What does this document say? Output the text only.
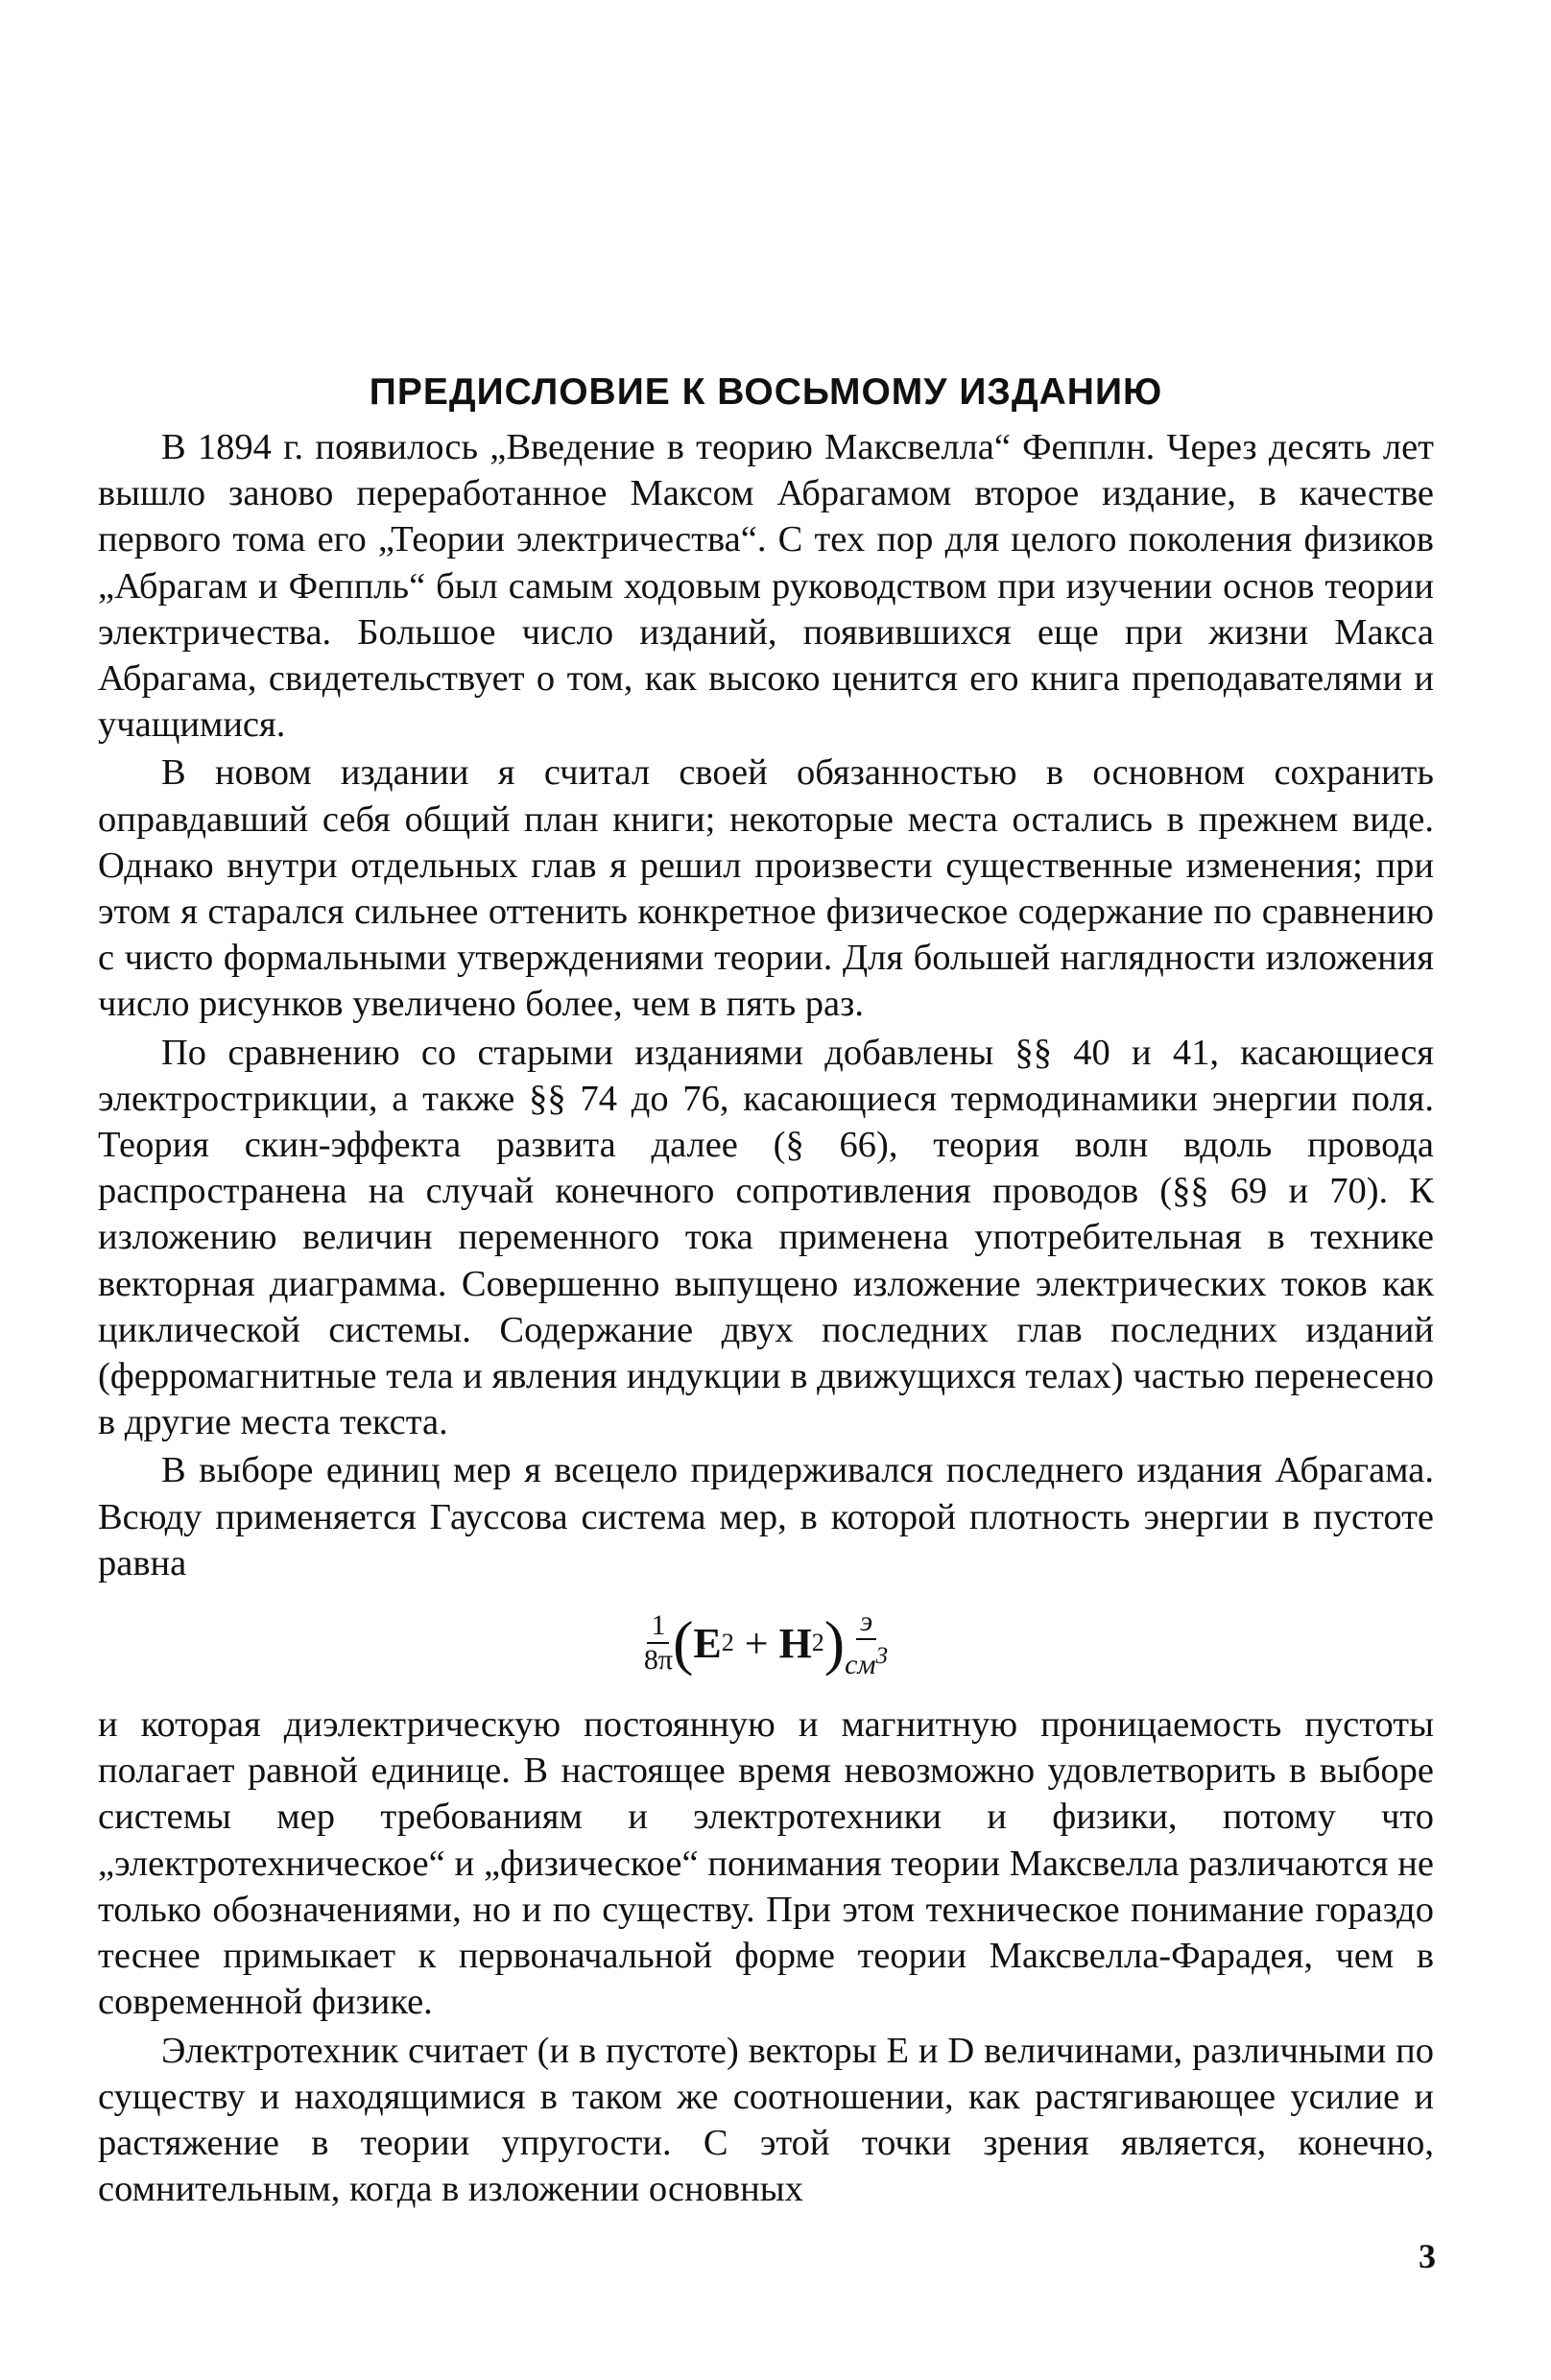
ПРЕДИСЛОВИЕ К ВОСЬМОМУ ИЗДАНИЮ

В 1894 г. появилось „Введение в теорию Максвелла“ Фепплн. Через десять лет вышло заново переработанное Максом Абрагамом второе издание, в качестве первого тома его „Теории электричества“. С тех пор для целого поколения физиков „Абрагам и Феппль“ был самым ходовым руководством при изучении основ теории электричества. Большое число изданий, появившихся еще при жизни Макса Абрагама, свидетельствует о том, как высоко ценится его книга преподавателями и учащимися.

В новом издании я считал своей обязанностью в основном сохранить оправдавший себя общий план книги; некоторые места остались в прежнем виде. Однако внутри отдельных глав я решил произвести существенные изменения; при этом я старался сильнее оттенить конкретное физическое содержание по сравнению с чисто формальными утверждениями теории. Для большей наглядности изложения число рисунков увеличено более, чем в пять раз.

По сравнению со старыми изданиями добавлены §§ 40 и 41, касающиеся электрострикции, а также §§ 74 до 76, касающиеся термодинамики энергии поля. Теория скин-эффекта развита далее (§ 66), теория волн вдоль провода распространена на случай конечного сопротивления проводов (§§ 69 и 70). К изложению величин переменного тока применена употребительная в технике векторная диаграмма. Совершенно выпущено изложение электрических токов как циклической системы. Содержание двух последних глав последних изданий (ферромагнитные тела и явления индукции в движущихся телах) частью перенесено в другие места текста.

В выборе единиц мер я всецело придерживался последнего издания Абрагама. Всюду применяется Гауссова система мер, в которой плотность энергии в пустоте равна

$\frac{1}{8\pi}$ ( E 2
+
H 2 ) $\frac{э}{см^3}$

и которая диэлектрическую постоянную и магнитную проницаемость пустоты полагает равной единице. В настоящее время невозможно удовлетворить в выборе системы мер требованиям и электротехники и физики, потому что „электротехническое“ и „физическое“ понимания теории Максвелла различаются не только обозначениями, но и по существу. При этом техническое понимание гораздо теснее примыкает к первоначальной форме теории Максвелла-Фарадея, чем в современной физике.

Электротехник считает (и в пустоте) векторы E и D величинами, различными по существу и находящимися в таком же соотношении, как растягивающее усилие и растяжение в теории упругости. С этой точки зрения является, конечно, сомнительным, когда в изложении основных

3
